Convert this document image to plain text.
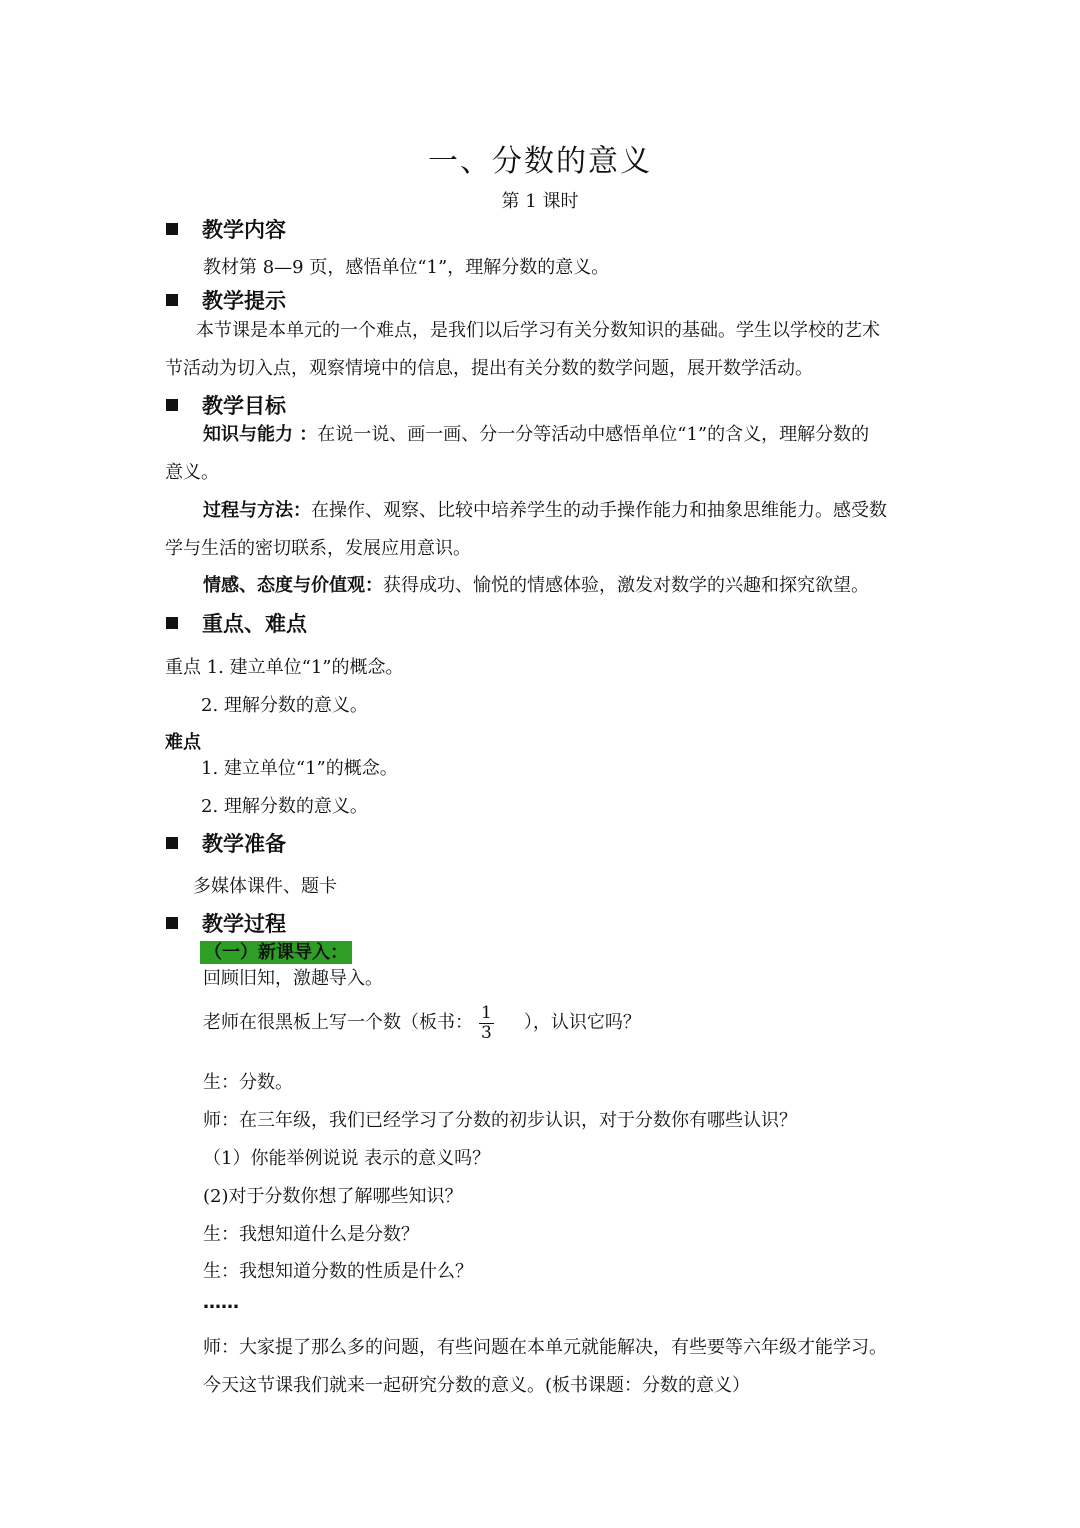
一、分数的意义
第 1 课时
教学内容
教材第 8—9 页，感悟单位“1”，理解分数的意义。
教学提示
本节课是本单元的一个难点，是我们以后学习有关分数知识的基础。学生以学校的艺术
节活动为切入点，观察情境中的信息，提出有关分数的数学问题，展开数学活动。
教学目标
知识与能力 ：在说一说、画一画、分一分等活动中感悟单位“1”的含义，理解分数的
意义。
过程与方法：在操作、观察、比较中培养学生的动手操作能力和抽象思维能力。感受数
学与生活的密切联系，发展应用意识。
情感、态度与价值观：获得成功、愉悦的情感体验，激发对数学的兴趣和探究欲望。
重点、难点
重点 1. 建立单位“1”的概念。
2. 理解分数的意义。
难点
1. 建立单位“1”的概念。
2. 理解分数的意义。
教学准备
多媒体课件、题卡
教学过程
（一）新课导入：
回顾旧知，激趣导入。
老师在很黑板上写一个数（板书： $\frac{1}{3}$ ），认识它吗？
生：分数。
师：在三年级，我们已经学习了分数的初步认识，对于分数你有哪些认识？
（1）你能举例说说 表示的意义吗？
(2)对于分数你想了解哪些知识？
生：我想知道什么是分数？
生：我想知道分数的性质是什么？
……
师：大家提了那么多的问题，有些问题在本单元就能解决，有些要等六年级才能学习。
今天这节课我们就来一起研究分数的意义。(板书课题：分数的意义）
